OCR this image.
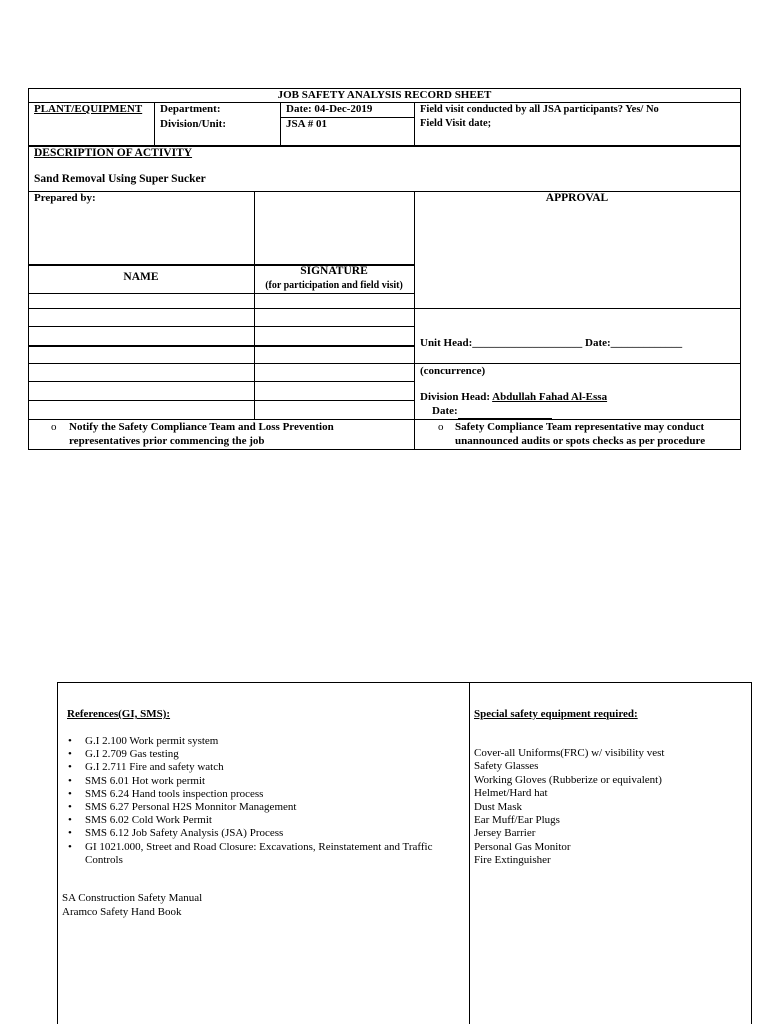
JOB SAFETY ANALYSIS RECORD SHEET
PLANT/EQUIPMENT Department:
Division/Unit:
Date: 04-Dec-2019
JSA # 01
Field visit conducted by all JSA participants? Yes/ No
Field Visit date;
DESCRIPTION OF ACTIVITY
Sand Removal Using Super Sucker
Prepared by:	APPROVAL
NAME	SIGNATURE
(for participation and field visit)
Unit Head:____________________ Date:_____________
(concurrence)
Division Head: Abdullah Fahad Al-Essa
Date:
o Notify the Safety Compliance Team and Loss Prevention
representatives prior commencing the job
o Safety Compliance Team representative may conduct
unannounced audits or spots checks as per procedure
References(GI, SMS):
• G.I 2.100 Work permit system
• G.I 2.709 Gas testing
• G.I 2.711 Fire and safety watch
• SMS 6.01 Hot work permit
• SMS 6.24 Hand tools inspection process
• SMS 6.27 Personal H2S Monnitor Management
• SMS 6.02 Cold Work Permit
• SMS 6.12 Job Safety Analysis (JSA) Process
• GI 1021.000, Street and Road Closure: Excavations, Reinstatement and Traffic Controls
SA Construction Safety Manual
Aramco Safety Hand Book
Special safety equipment required:
Cover-all Uniforms(FRC) w/ visibility vest
Safety Glasses
Working Gloves (Rubberize or equivalent)
Helmet/Hard hat
Dust Mask
Ear Muff/Ear Plugs
Jersey Barrier
Personal Gas Monitor
Fire Extinguisher
